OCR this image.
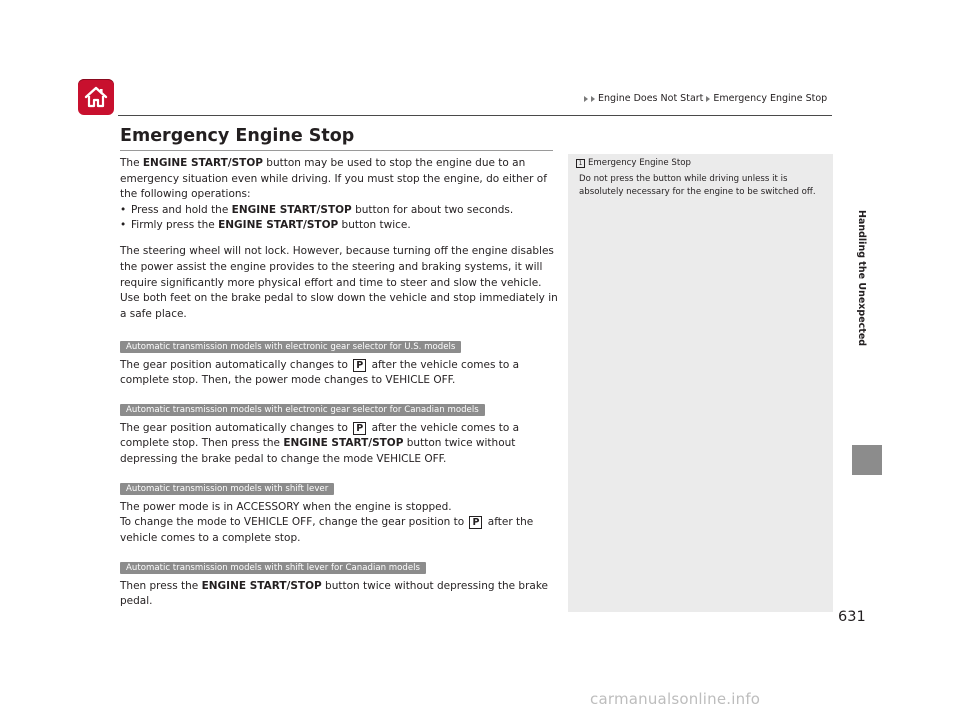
Engine Does Not Start Emergency Engine Stop
Emergency Engine Stop

The ENGINE START/STOP button may be used to stop the engine due to an emergency situation even while driving. If you must stop the engine, do either of the following operations:

• Press and hold the ENGINE START/STOP button for about two seconds.

• Firmly press the ENGINE START/STOP button twice.

The steering wheel will not lock. However, because turning off the engine disables the power assist the engine provides to the steering and braking systems, it will require significantly more physical effort and time to steer and slow the vehicle. Use both feet on the brake pedal to slow down the vehicle and stop immediately in a safe place.

Automatic transmission models with electronic gear selector for U.S. models

The gear position automatically changes to P after the vehicle comes to a complete stop. Then, the power mode changes to VEHICLE OFF.

Automatic transmission models with electronic gear selector for Canadian models

The gear position automatically changes to P after the vehicle comes to a complete stop. Then press the ENGINE START/STOP button twice without depressing the brake pedal to change the mode VEHICLE OFF.

Automatic transmission models with shift lever

The power mode is in ACCESSORY when the engine is stopped.

To change the mode to VEHICLE OFF, change the gear position to P after the vehicle comes to a complete stop.

Automatic transmission models with shift lever for Canadian models

Then press the ENGINE START/STOP button twice without depressing the brake pedal.

1 Emergency Engine Stop
Do not press the button while driving unless it is absolutely necessary for the engine to be switched off.
Handling the Unexpected
631
carmanualsonline.info
